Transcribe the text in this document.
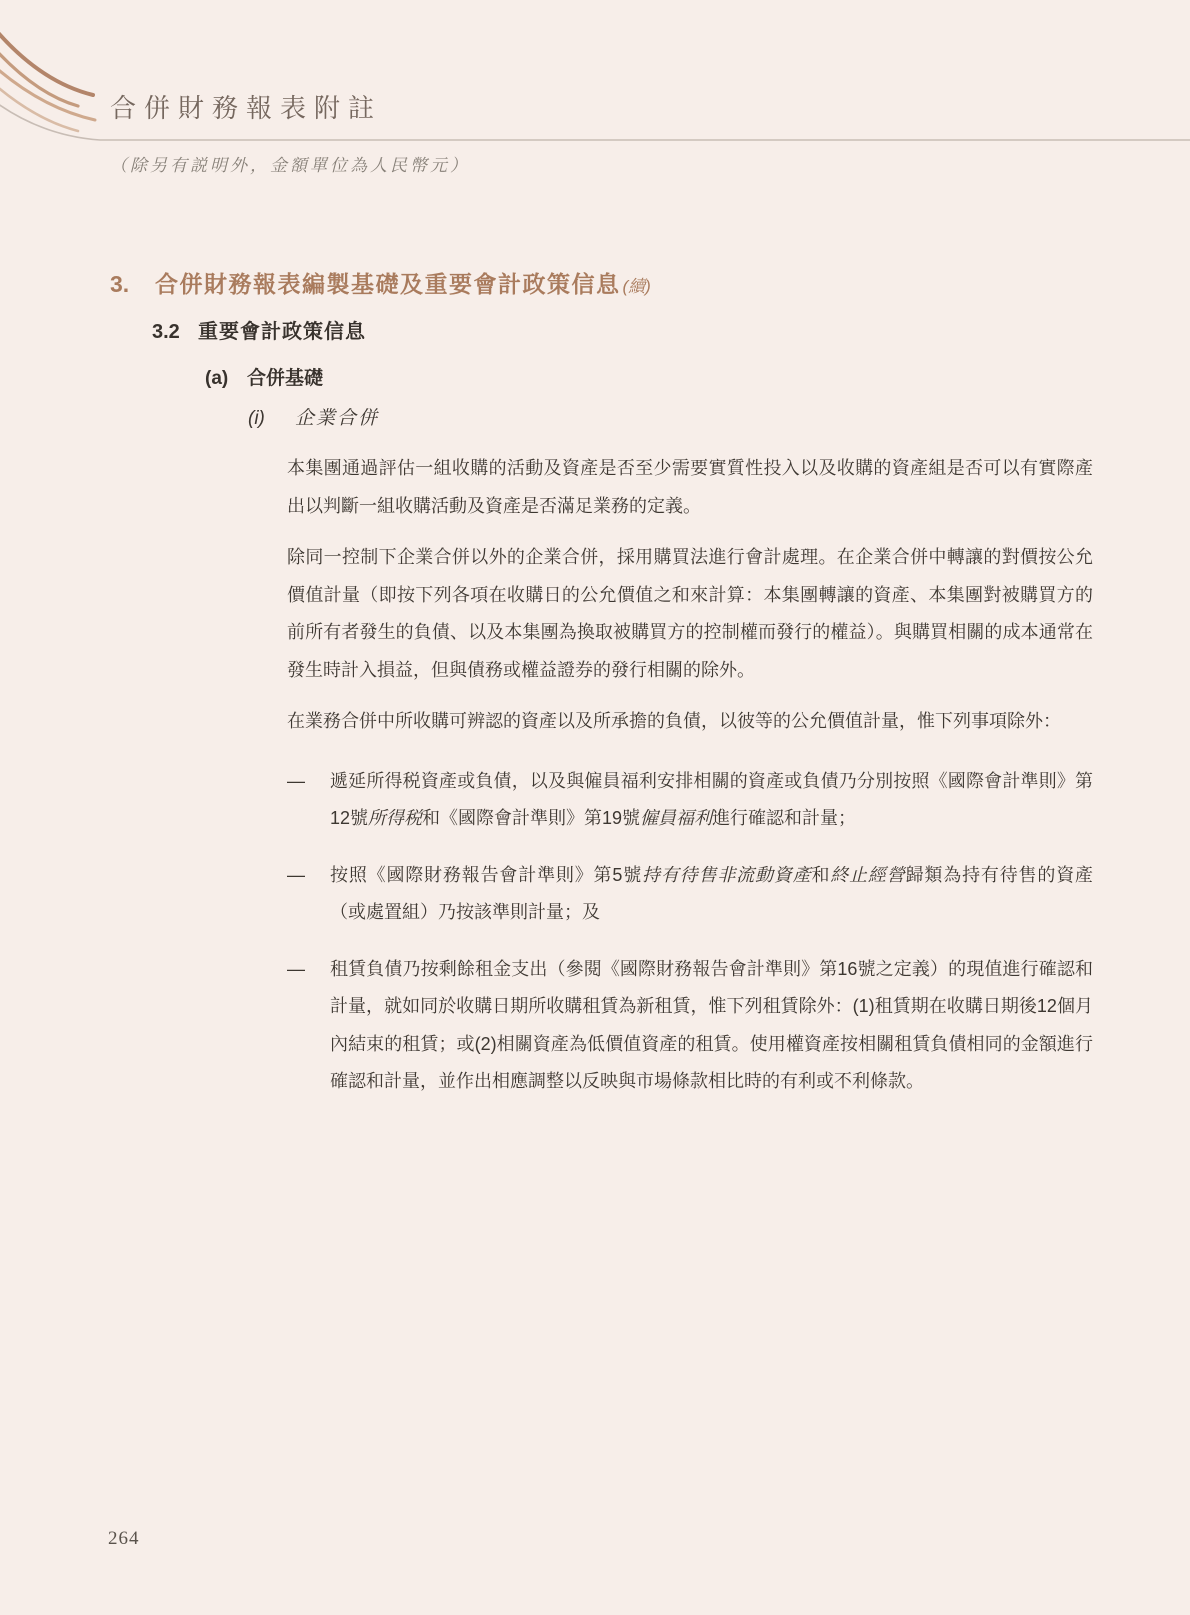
合併財務報表附註
（除另有説明外，金額單位為人民幣元）
3.	合併財務報表編製基礎及重要會計政策信息 (續)
3.2 重要會計政策信息
(a) 合併基礎
(i)	企業合併

本集團通過評估一組收購的活動及資產是否至少需要實質性投入以及收購的資產組是否可以有實際產出以判斷一組收購活動及資產是否滿足業務的定義。

除同一控制下企業合併以外的企業合併，採用購買法進行會計處理。在企業合併中轉讓的對價按公允價值計量（即按下列各項在收購日的公允價值之和來計算：本集團轉讓的資產、本集團對被購買方的前所有者發生的負債、以及本集團為換取被購買方的控制權而發行的權益）。與購買相關的成本通常在發生時計入損益，但與債務或權益證券的發行相關的除外。

在業務合併中所收購可辨認的資產以及所承擔的負債，以彼等的公允價值計量，惟下列事項除外：

—	遞延所得税資產或負債，以及與僱員福利安排相關的資產或負債乃分別按照《國際會計準則》第12號所得税和《國際會計準則》第19號僱員福利進行確認和計量；
—	按照《國際財務報告會計準則》第5號持有待售非流動資產和終止經營歸類為持有待售的資產（或處置組）乃按該準則計量；及
—	租賃負債乃按剩餘租金支出（參閱《國際財務報告會計準則》第16號之定義）的現值進行確認和計量，就如同於收購日期所收購租賃為新租賃，惟下列租賃除外：(1)租賃期在收購日期後12個月內結束的租賃；或(2)相關資產為低價值資產的租賃。使用權資產按相關租賃負債相同的金額進行確認和計量，並作出相應調整以反映與市場條款相比時的有利或不利條款。
264
